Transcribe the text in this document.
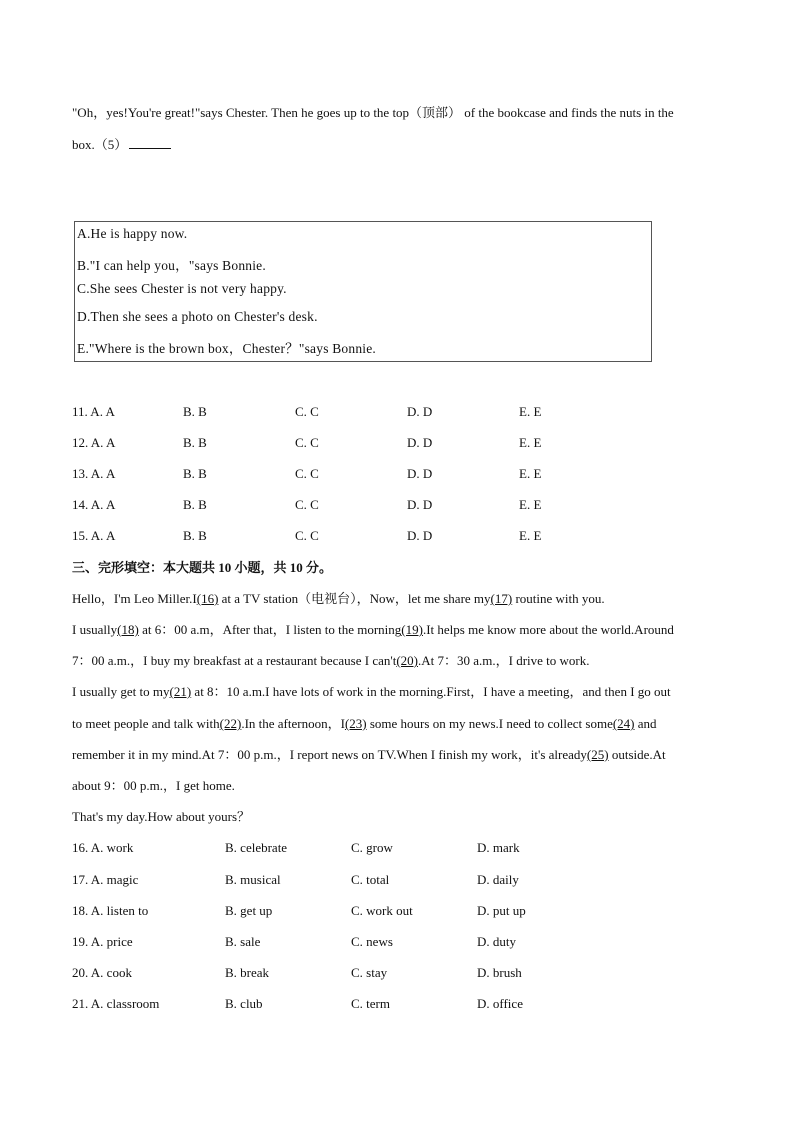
"Oh，yes!You're great!"says Chester. Then he goes up to the top（顶部） of the bookcase and finds the nuts in the
box.（5）
A.He is happy now.
B."I can help you，"says Bonnie.
C.She sees Chester is not very happy.
D.Then she sees a photo on Chester's desk.
E."Where is the brown box，Chester？"says Bonnie.
11. A. A	B. B	C. C	D. D	E. E
12. A. A	B. B	C. C	D. D	E. E
13. A. A	B. B	C. C	D. D	E. E
14. A. A	B. B	C. C	D. D	E. E
15. A. A	B. B	C. C	D. D	E. E
三、完形填空：本大题共 10 小题，共 10 分。
Hello，I'm Leo Miller.I(16) at a TV station（电视台），Now，let me share my(17) routine with you.
I usually(18) at 6：00 a.m，After that，I listen to the morning(19).It helps me know more about the world.Around
7：00 a.m.，I buy my breakfast at a restaurant because I can't(20).At 7：30 a.m.，I drive to work.
I usually get to my(21) at 8：10 a.m.I have lots of work in the morning.First，I have a meeting，and then I go out
to meet people and talk with(22).In the afternoon，I(23) some hours on my news.I need to collect some(24) and
remember it in my mind.At 7：00 p.m.，I report news on TV.When I finish my work，it's already(25) outside.At
about 9：00 p.m.，I get home.
That's my day.How about yours？
16. A. work	B. celebrate	C. grow	D. mark
17. A. magic	B. musical	C. total	D. daily
18. A. listen to	B. get up	C. work out	D. put up
19. A. price	B. sale	C. news	D. duty
20. A. cook	B. break	C. stay	D. brush
21. A. classroom	B. club	C. term	D. office
